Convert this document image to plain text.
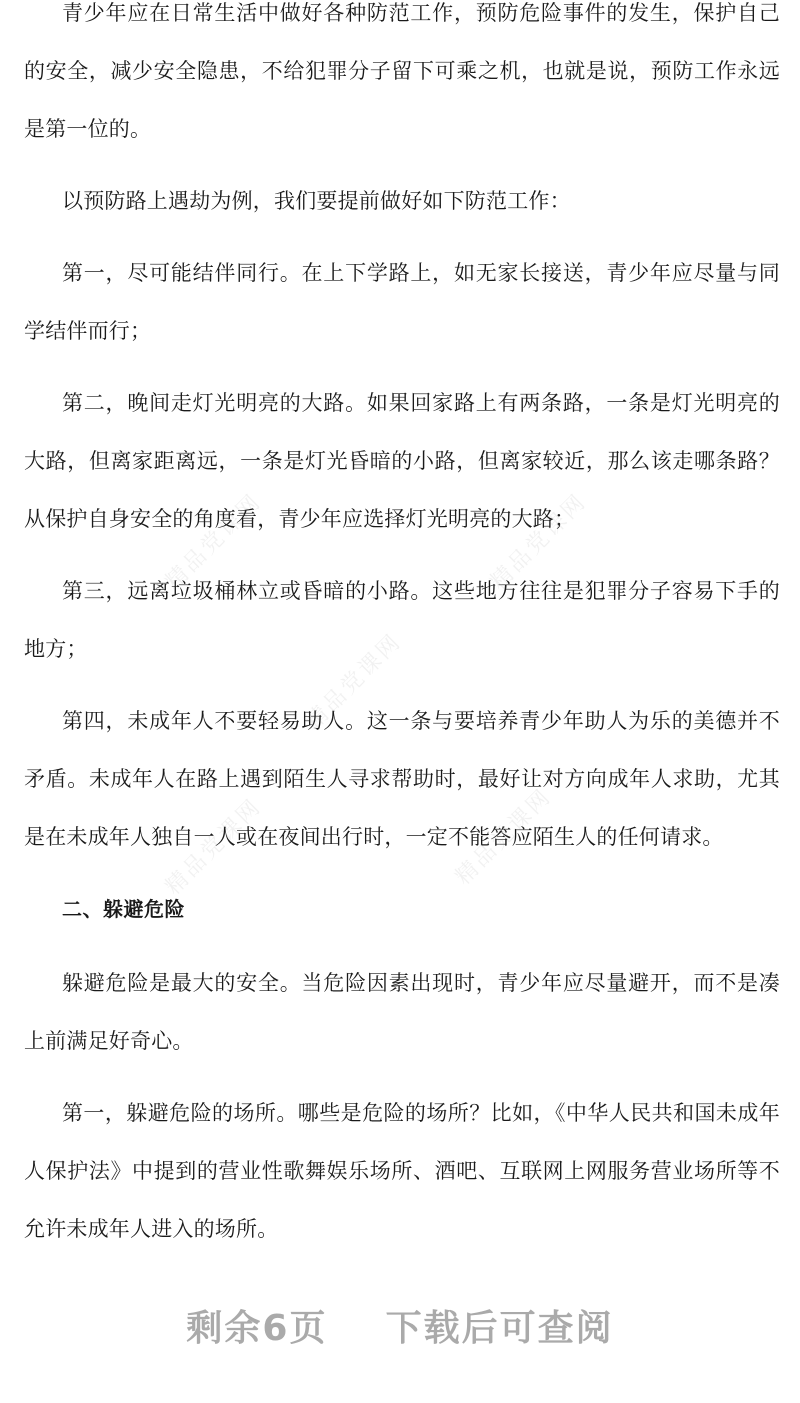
青少年应在日常生活中做好各种防范工作，预防危险事件的发生，保护自己的安全，减少安全隐患，不给犯罪分子留下可乘之机，也就是说，预防工作永远是第一位的。

以预防路上遇劫为例，我们要提前做好如下防范工作：

第一，尽可能结伴同行。在上下学路上，如无家长接送，青少年应尽量与同学结伴而行；

第二，晚间走灯光明亮的大路。如果回家路上有两条路，一条是灯光明亮的大路，但离家距离远，一条是灯光昏暗的小路，但离家较近，那么该走哪条路？从保护自身安全的角度看，青少年应选择灯光明亮的大路；

第三，远离垃圾桶林立或昏暗的小路。这些地方往往是犯罪分子容易下手的地方；

第四，未成年人不要轻易助人。这一条与要培养青少年助人为乐的美德并不矛盾。未成年人在路上遇到陌生人寻求帮助时，最好让对方向成年人求助，尤其是在未成年人独自一人或在夜间出行时，一定不能答应陌生人的任何请求。

二、躲避危险

躲避危险是最大的安全。当危险因素出现时，青少年应尽量避开，而不是凑上前满足好奇心。

第一，躲避危险的场所。哪些是危险的场所？比如，《中华人民共和国未成年人保护法》中提到的营业性歌舞娱乐场所、酒吧、互联网上网服务营业场所等不允许未成年人进入的场所。

精品党课网	精品党课网
精品党课网
精品党课网	精品党课网
剩余6页 下载后可查阅
